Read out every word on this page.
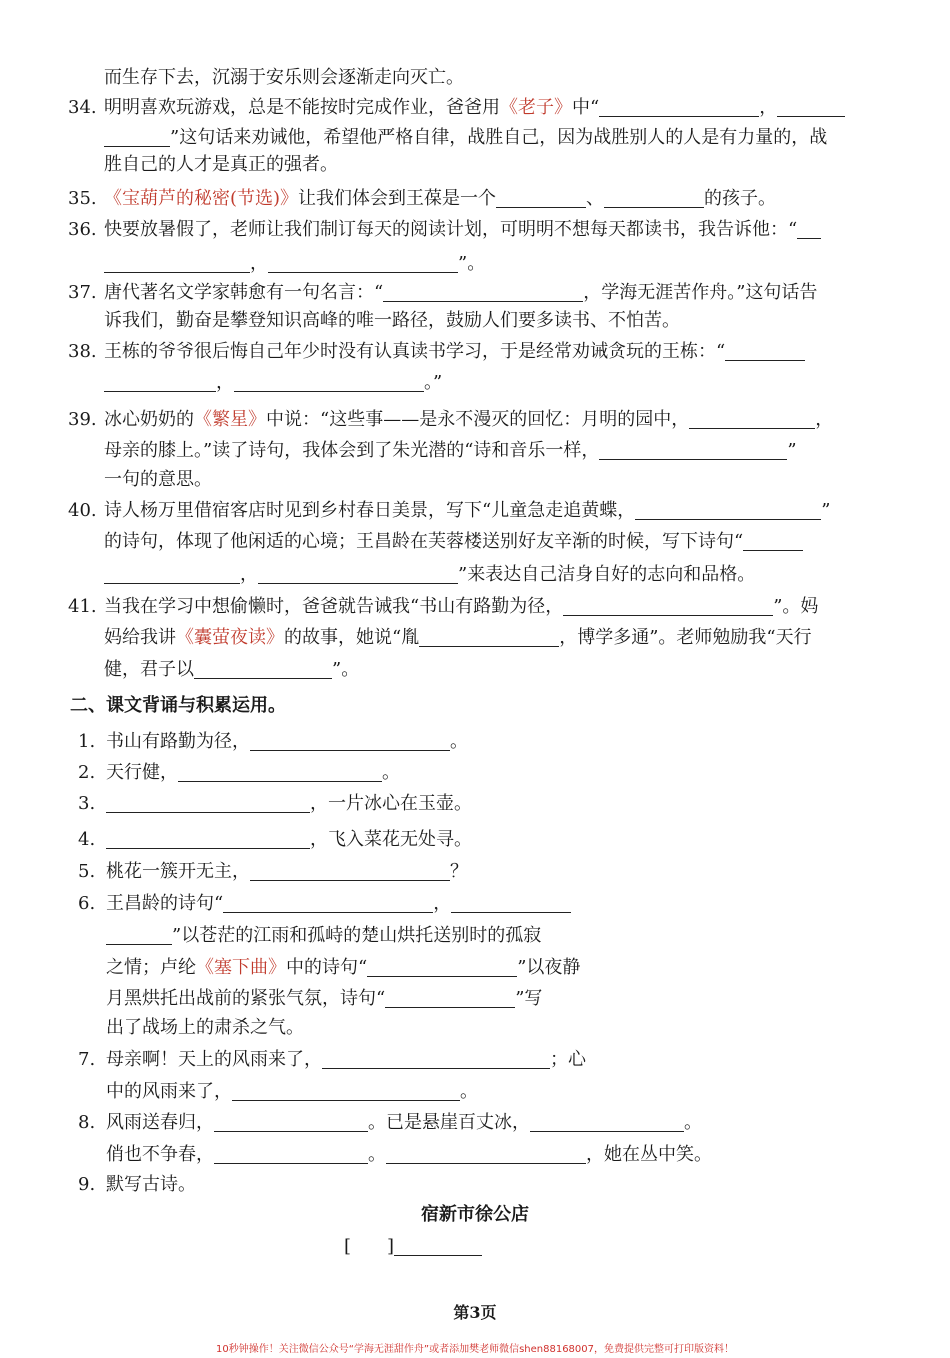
而生存下去，沉溺于安乐则会逐渐走向灭亡。
34. 明明喜欢玩游戏，总是不能按时完成作业，爸爸用《老子》中“	，
”这句话来劝诫他，希望他严格自律，战胜自己，因为战胜别人的人是有力量的，战
胜自己的人才是真正的强者。
35. 《宝葫芦的秘密(节选)》让我们体会到王葆是一个	、	的孩子。
36. 快要放暑假了，老师让我们制订每天的阅读计划，可明明不想每天都读书，我告诉他：“
，	”。
37. 唐代著名文学家韩愈有一句名言：“	，学海无涯苦作舟。”这句话告
诉我们，勤奋是攀登知识高峰的唯一路径，鼓励人们要多读书、不怕苦。
38. 王栋的爷爷很后悔自己年少时没有认真读书学习，于是经常劝诫贪玩的王栋：“
，	。”
39. 冰心奶奶的《繁星》中说：“这些事——是永不漫灭的回忆：月明的园中，	，
母亲的膝上。”读了诗句，我体会到了朱光潜的“诗和音乐一样，	”
一句的意思。
40. 诗人杨万里借宿客店时见到乡村春日美景，写下“儿童急走追黄蝶，	”
的诗句，体现了他闲适的心境；王昌龄在芙蓉楼送别好友辛渐的时候，写下诗句“
，	”来表达自己洁身自好的志向和品格。
41. 当我在学习中想偷懒时，爸爸就告诫我“书山有路勤为径，	”。妈
妈给我讲《囊萤夜读》的故事，她说“胤	，博学多通”。老师勉励我“天行
健，君子以	”。
二、课文背诵与积累运用。
1. 书山有路勤为径，	。
2. 天行健，	。
3.	，一片冰心在玉壶。
4.	，飞入菜花无处寻。
5. 桃花一簇开无主，	？
6. 王昌龄的诗句“	，
”以苍茫的江雨和孤峙的楚山烘托送别时的孤寂
之情；卢纶《塞下曲》中的诗句“	”以夜静
月黑烘托出战前的紧张气氛，诗句“	”写
出了战场上的肃杀之气。
7. 母亲啊！天上的风雨来了，	；心
中的风雨来了，	。
8. 风雨送春归，	。已是悬崖百丈冰，	。
俏也不争春，	。	，她在丛中笑。
9. 默写古诗。
宿新市徐公店
[　　]
第3页
10秒钟操作！关注微信公众号“学海无涯甜作舟”或者添加樊老师微信shen88168007，免费提供完整可打印版资料！
